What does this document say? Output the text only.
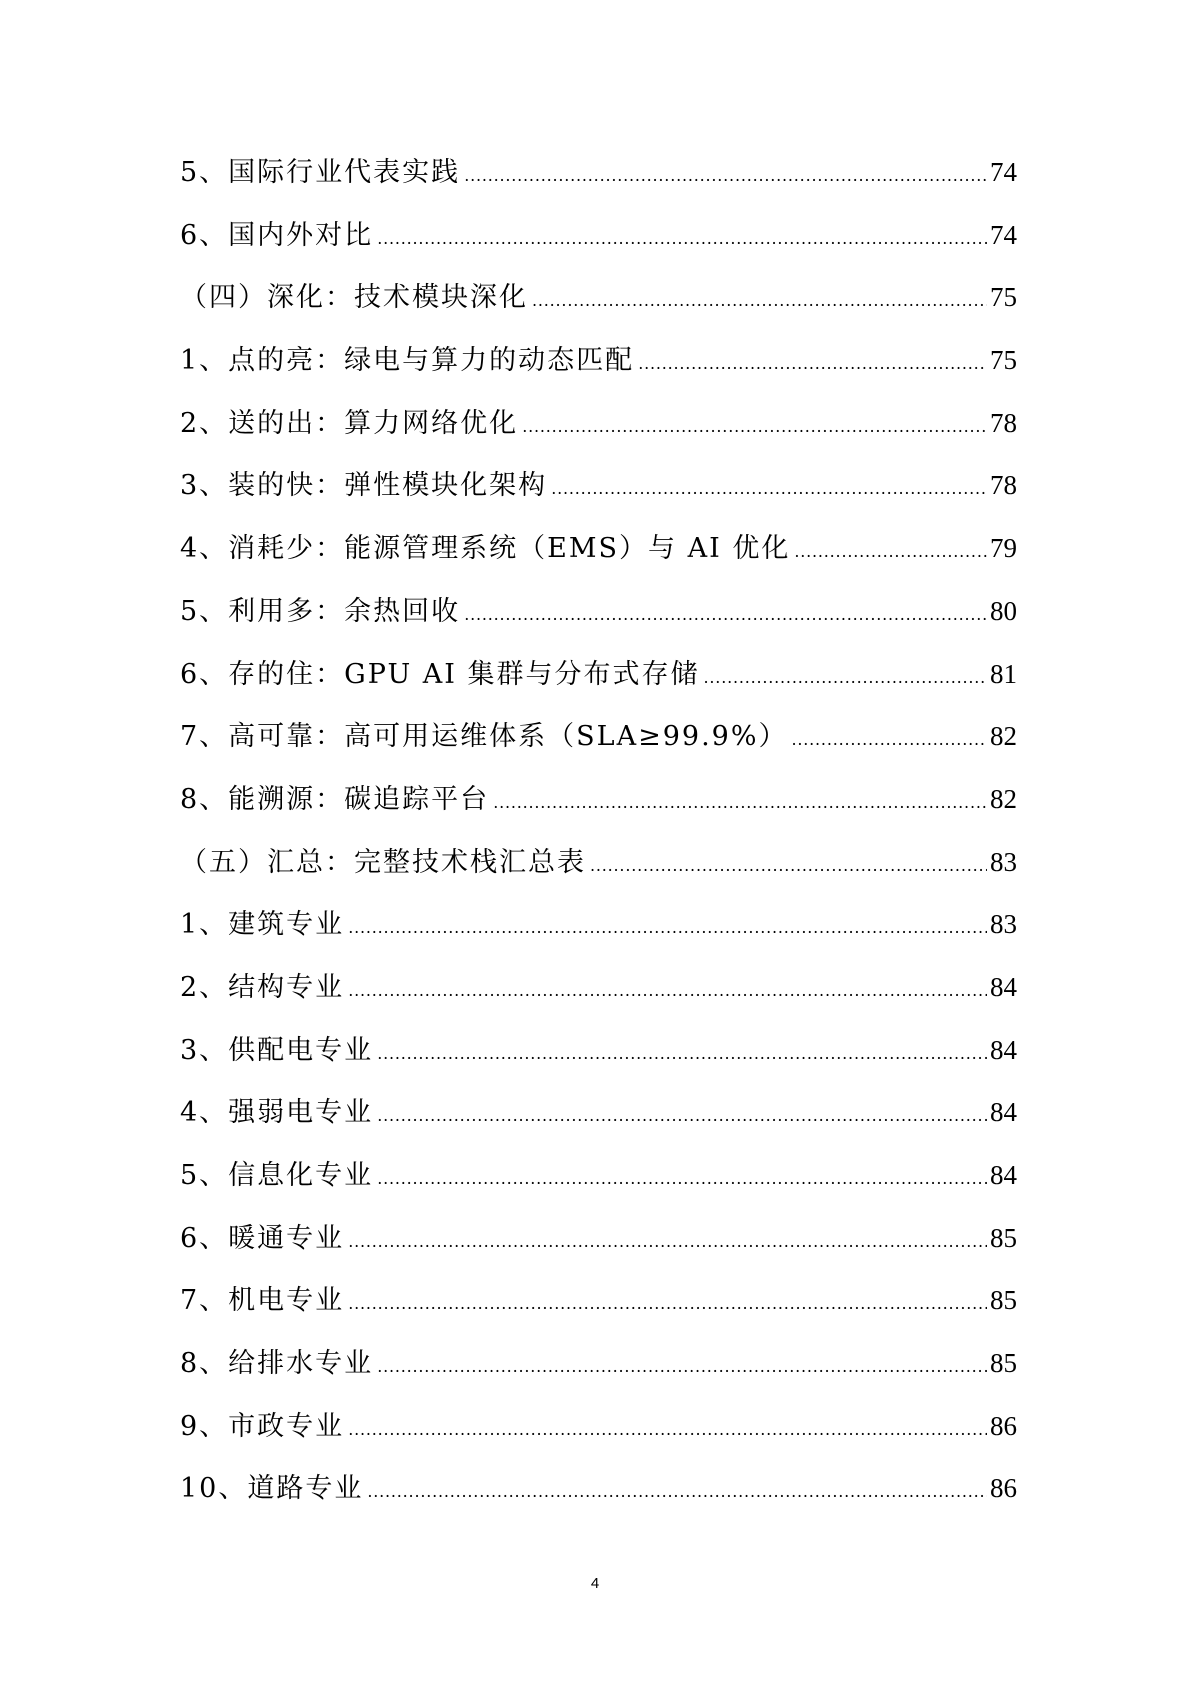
5、国际行业代表实践 .....	74
6、国内外对比 .....	74
（四）深化：技术模块深化 .....	75
1、点的亮：绿电与算力的动态匹配 .....	75
2、送的出：算力网络优化 .....	78
3、装的快：弹性模块化架构 .....	78
4、消耗少：能源管理系统（EMS）与 AI 优化 .....	79
5、利用多：余热回收 .....	80
6、存的住：GPU AI 集群与分布式存储 .....	81
7、高可靠：高可用运维体系（SLA≥99.9%） .....	82
8、能溯源：碳追踪平台 .....	82
（五）汇总：完整技术栈汇总表 .....	83
1、建筑专业 .....	83
2、结构专业 .....	84
3、供配电专业 .....	84
4、强弱电专业 .....	84
5、信息化专业 .....	84
6、暖通专业 .....	85
7、机电专业 .....	85
8、给排水专业 .....	85
9、市政专业 .....	86
10、道路专业 .....	86
4
